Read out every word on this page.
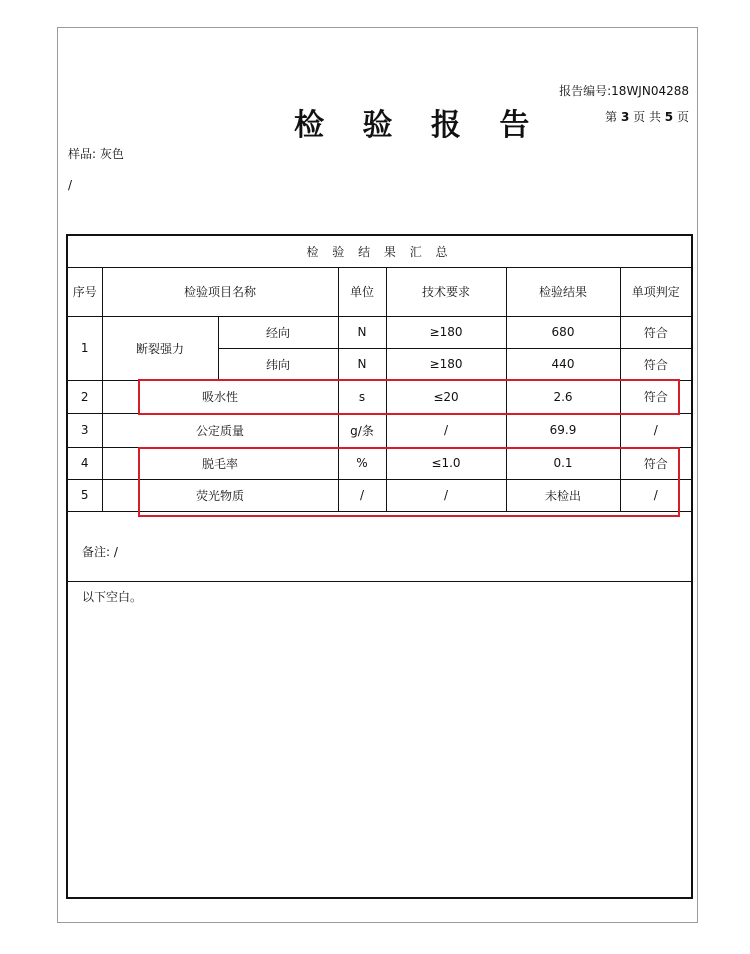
报告编号:18WJN04288
第 3 页 共 5 页
检 验 报 告
样品: 灰色
/
检 验 结 果 汇 总						
序号	检验项目名称		单位	技术要求	检验结果	单项判定
1	断裂强力	经向	N	≥180	680	符合
		纬向	N	≥180	440	符合
2	吸水性		s	≤20	2.6	符合
3	公定质量		g/条	/	69.9	/
4	脱毛率		%	≤1.0	0.1	符合
5	荧光物质		/	/	未检出	/
备注: /
以下空白。
